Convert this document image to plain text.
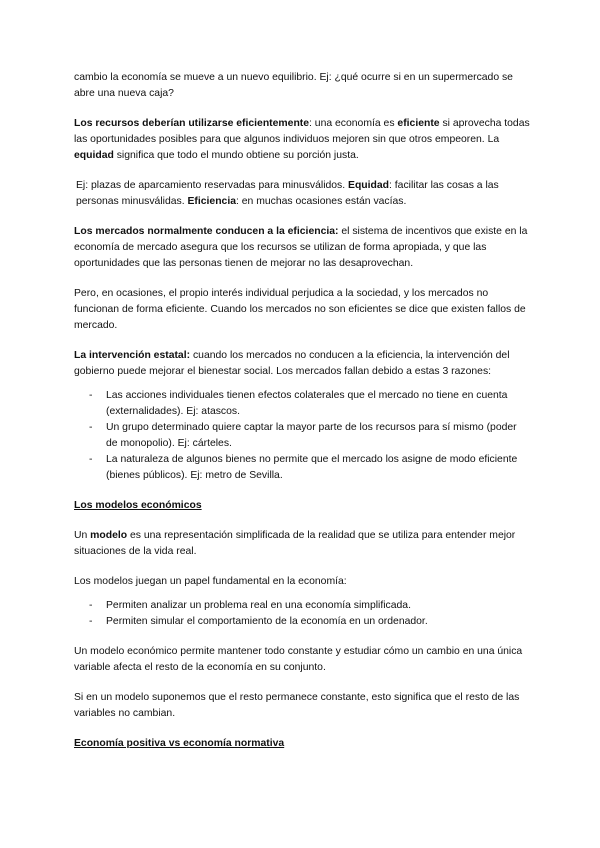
cambio la economía se mueve a un nuevo equilibrio. Ej: ¿qué ocurre si en un supermercado se abre una nueva caja?

Los recursos deberían utilizarse eficientemente: una economía es eficiente si aprovecha todas las oportunidades posibles para que algunos individuos mejoren sin que otros empeoren. La equidad significa que todo el mundo obtiene su porción justa.

Ej: plazas de aparcamiento reservadas para minusválidos. Equidad: facilitar las cosas a las personas minusválidas. Eficiencia: en muchas ocasiones están vacías.

Los mercados normalmente conducen a la eficiencia: el sistema de incentivos que existe en la economía de mercado asegura que los recursos se utilizan de forma apropiada, y que las oportunidades que las personas tienen de mejorar no las desaprovechan.

Pero, en ocasiones, el propio interés individual perjudica a la sociedad, y los mercados no funcionan de forma eficiente. Cuando los mercados no son eficientes se dice que existen fallos de mercado.

La intervención estatal: cuando los mercados no conducen a la eficiencia, la intervención del gobierno puede mejorar el bienestar social. Los mercados fallan debido a estas 3 razones:

- Las acciones individuales tienen efectos colaterales que el mercado no tiene en cuenta (externalidades). Ej: atascos.
- Un grupo determinado quiere captar la mayor parte de los recursos para sí mismo (poder de monopolio). Ej: cárteles.
- La naturaleza de algunos bienes no permite que el mercado los asigne de modo eficiente (bienes públicos). Ej: metro de Sevilla.

Los modelos económicos

Un modelo es una representación simplificada de la realidad que se utiliza para entender mejor situaciones de la vida real.

Los modelos juegan un papel fundamental en la economía:

- Permiten analizar un problema real en una economía simplificada.
- Permiten simular el comportamiento de la economía en un ordenador.

Un modelo económico permite mantener todo constante y estudiar cómo un cambio en una única variable afecta el resto de la economía en su conjunto.

Si en un modelo suponemos que el resto permanece constante, esto significa que el resto de las variables no cambian.

Economía positiva vs economía normativa
